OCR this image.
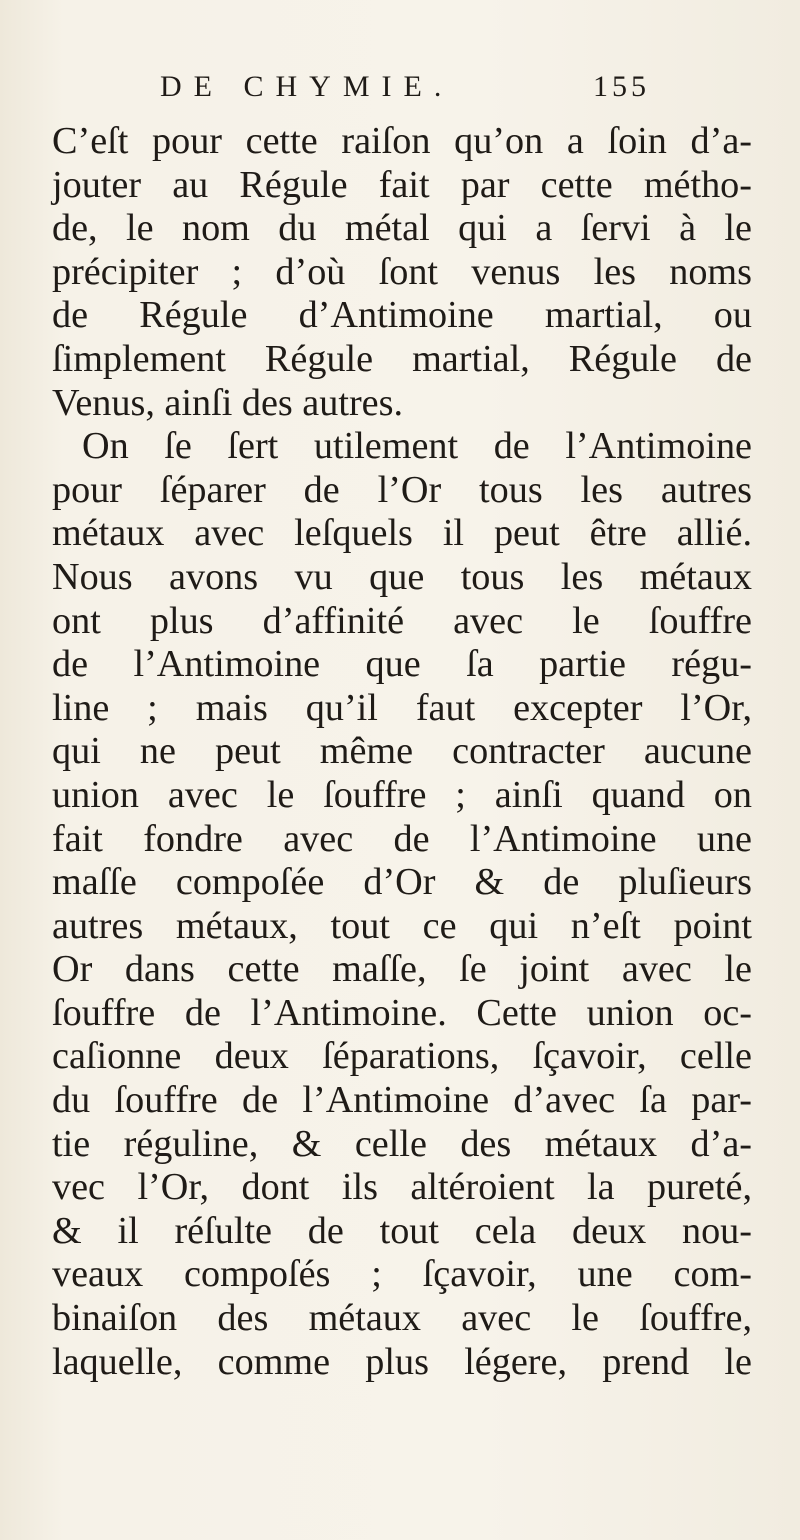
DE CHYMIE.	155
C’eſt pour cette raiſon qu’on a ſoin d’a-
jouter au Régule fait par cette métho-
de, le nom du métal qui a ſervi à le
précipiter ; d’où ſont venus les noms
de Régule d’Antimoine martial, ou
ſimplement Régule martial, Régule de
Venus, ainſi des autres.
On ſe ſert utilement de l’Antimoine
pour ſéparer de l’Or tous les autres
métaux avec leſquels il peut être allié.
Nous avons vu que tous les métaux
ont plus d’affinité avec le ſouffre
de l’Antimoine que ſa partie régu-
line ; mais qu’il faut excepter l’Or,
qui ne peut même contracter aucune
union avec le ſouffre ; ainſi quand on
fait fondre avec de l’Antimoine une
maſſe compoſée d’Or & de pluſieurs
autres métaux, tout ce qui n’eſt point
Or dans cette maſſe, ſe joint avec le
ſouffre de l’Antimoine. Cette union oc-
caſionne deux ſéparations, ſçavoir, celle
du ſouffre de l’Antimoine d’avec ſa par-
tie réguline, & celle des métaux d’a-
vec l’Or, dont ils altéroient la pureté,
& il réſulte de tout cela deux nou-
veaux compoſés ; ſçavoir, une com-
binaiſon des métaux avec le ſouffre,
laquelle, comme plus légere, prend le
